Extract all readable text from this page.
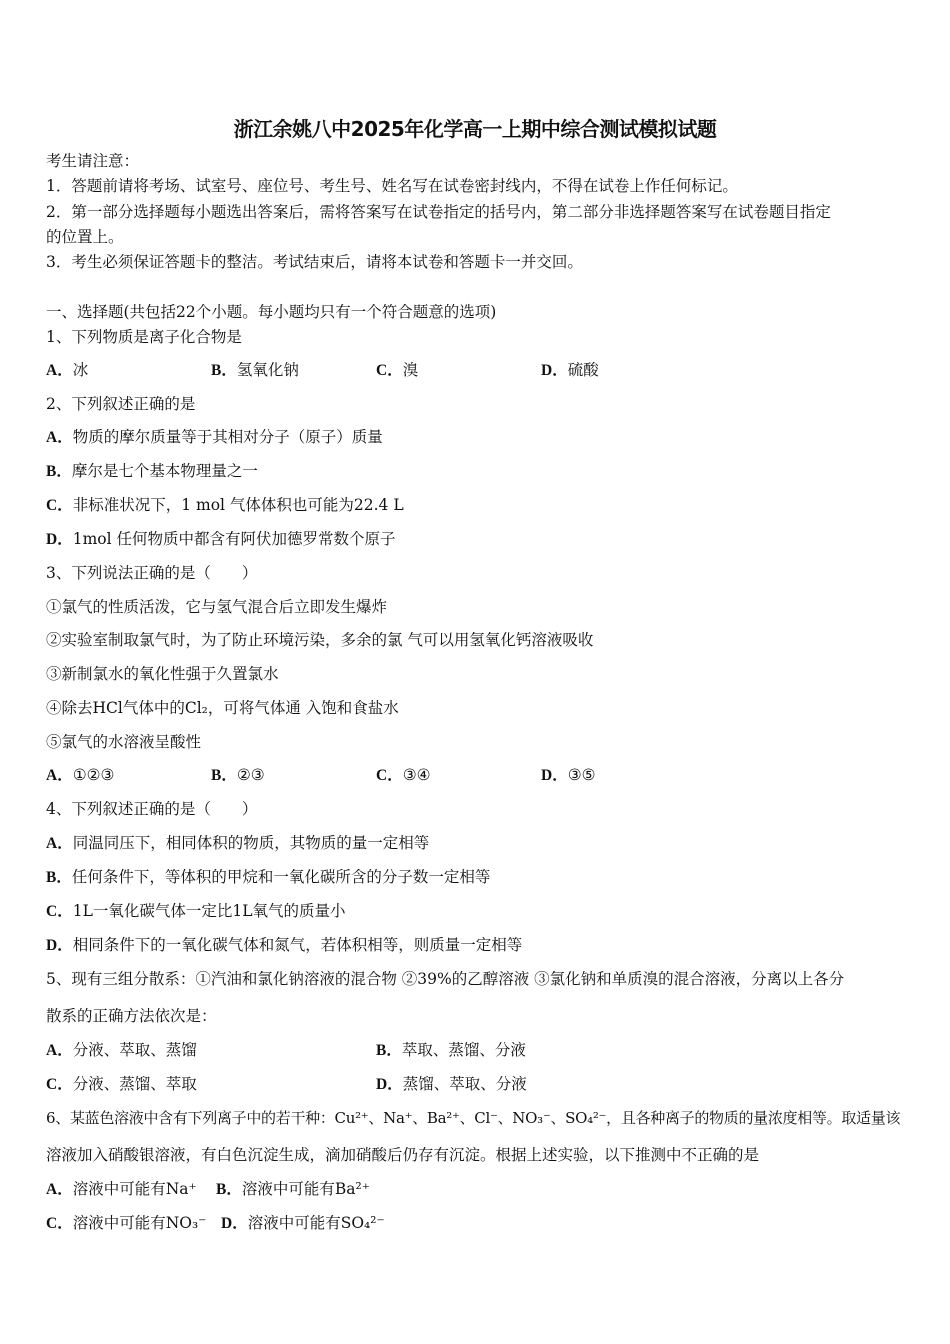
浙江余姚八中2025年化学高一上期中综合测试模拟试题
考生请注意：
1．答题前请将考场、试室号、座位号、考生号、姓名写在试卷密封线内，不得在试卷上作任何标记。
2．第一部分选择题每小题选出答案后，需将答案写在试卷指定的括号内，第二部分非选择题答案写在试卷题目指定
的位置上。
3．考生必须保证答题卡的整洁。考试结束后，请将本试卷和答题卡一并交回。
一、选择题(共包括22个小题。每小题均只有一个符合题意的选项)
1、下列物质是离子化合物是
A．冰	B．氢氧化钠	C．溴	D．硫酸
2、下列叙述正确的是
A．物质的摩尔质量等于其相对分子（原子）质量
B．摩尔是七个基本物理量之一
C．非标准状况下，1 mol 气体体积也可能为22.4 L
D．1mol 任何物质中都含有阿伏加德罗常数个原子
3、下列说法正确的是（　　）
①氯气的性质活泼，它与氢气混合后立即发生爆炸
②实验室制取氯气时，为了防止环境污染，多余的氯 气可以用氢氧化钙溶液吸收
③新制氯水的氧化性强于久置氯水
④除去HCl气体中的Cl₂，可将气体通 入饱和食盐水
⑤氯气的水溶液呈酸性
A．①②③	B．②③	C．③④	D．③⑤
4、下列叙述正确的是（　　）
A．同温同压下，相同体积的物质，其物质的量一定相等
B．任何条件下，等体积的甲烷和一氧化碳所含的分子数一定相等
C．1L一氧化碳气体一定比1L氧气的质量小
D．相同条件下的一氧化碳气体和氮气，若体积相等，则质量一定相等
5、现有三组分散系：①汽油和氯化钠溶液的混合物 ②39%的乙醇溶液 ③氯化钠和单质溴的混合溶液，分离以上各分
散系的正确方法依次是：
A．分液、萃取、蒸馏	B．萃取、蒸馏、分液
C．分液、蒸馏、萃取	D．蒸馏、萃取、分液
6、某蓝色溶液中含有下列离子中的若干种：Cu²⁺、Na⁺、Ba²⁺、Cl⁻、NO₃⁻、SO₄²⁻，且各种离子的物质的量浓度相等。取适量该
溶液加入硝酸银溶液，有白色沉淀生成，滴加硝酸后仍存有沉淀。根据上述实验，以下推测中不正确的是
A．溶液中可能有Na⁺ B．溶液中可能有Ba²⁺
C．溶液中可能有NO₃⁻ D．溶液中可能有SO₄²⁻
